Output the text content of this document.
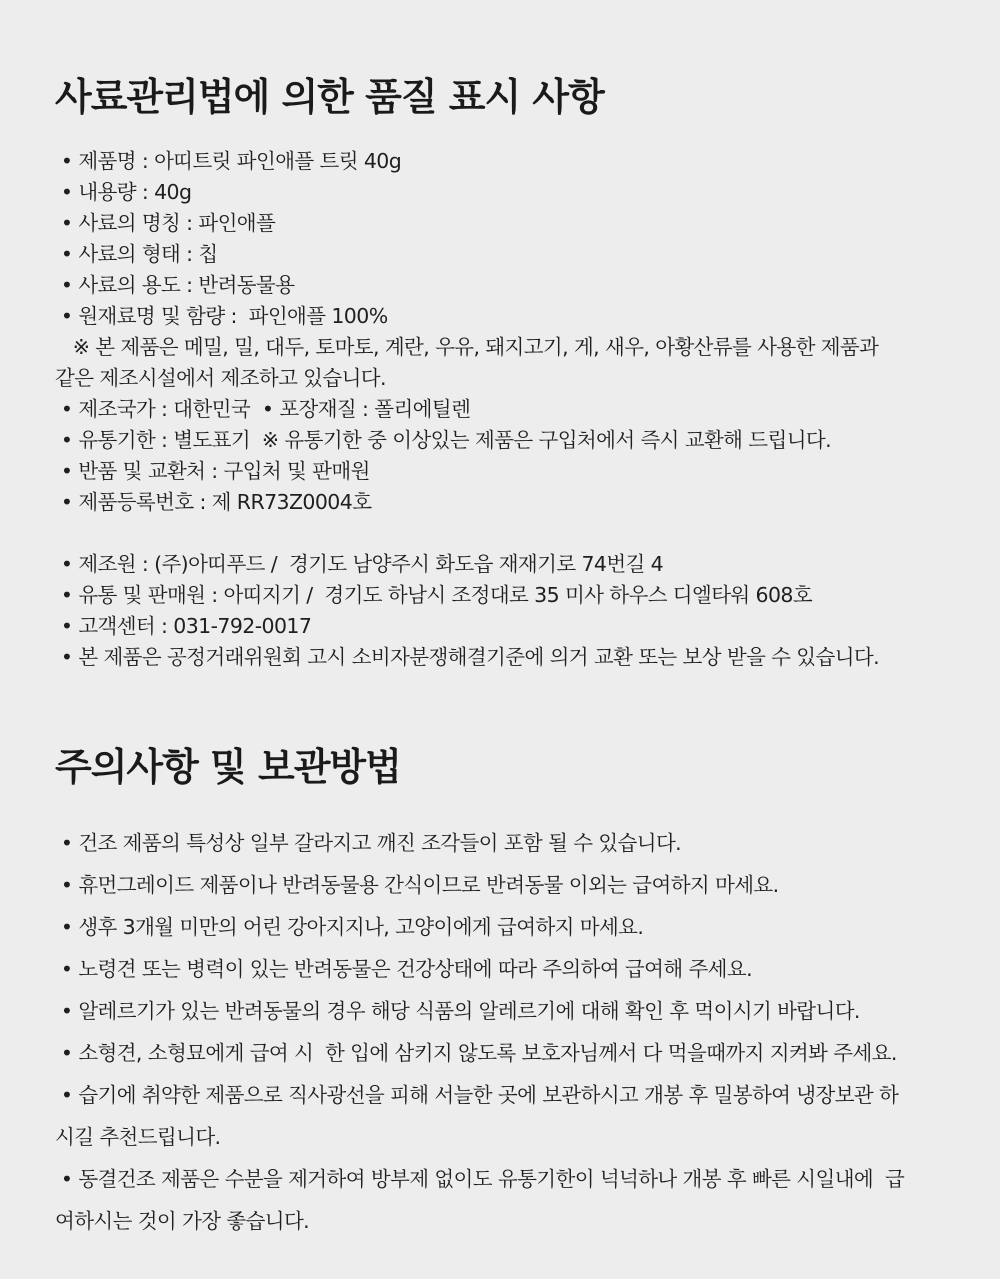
사료관리법에 의한 품질 표시 사항
• 제품명 : 아띠트릿 파인애플 트릿 40g
• 내용량 : 40g
• 사료의 명칭 : 파인애플
• 사료의 형태 : 칩
• 사료의 용도 : 반려동물용
• 원재료명 및 함량 :  파인애플 100%
※ 본 제품은 메밀, 밀, 대두, 토마토, 계란, 우유, 돼지고기, 게, 새우, 아황산류를 사용한 제품과
같은 제조시설에서 제조하고 있습니다.
• 제조국가 : 대한민국  • 포장재질 : 폴리에틸렌
• 유통기한 : 별도표기  ※ 유통기한 중 이상있는 제품은 구입처에서 즉시 교환해 드립니다.
• 반품 및 교환처 : 구입처 및 판매원
• 제품등록번호 : 제 RR73Z0004호
• 제조원 : (주)아띠푸드 /  경기도 남양주시 화도읍 재재기로 74번길 4
• 유통 및 판매원 : 아띠지기 /  경기도 하남시 조정대로 35 미사 하우스 디엘타워 608호
• 고객센터 : 031-792-0017
• 본 제품은 공정거래위원회 고시 소비자분쟁해결기준에 의거 교환 또는 보상 받을 수 있습니다.
주의사항 및 보관방법
• 건조 제품의 특성상 일부 갈라지고 깨진 조각들이 포함 될 수 있습니다.
• 휴먼그레이드 제품이나 반려동물용 간식이므로 반려동물 이외는 급여하지 마세요.
• 생후 3개월 미만의 어린 강아지지나, 고양이에게 급여하지 마세요.
• 노령견 또는 병력이 있는 반려동물은 건강상태에 따라 주의하여 급여해 주세요.
• 알레르기가 있는 반려동물의 경우 해당 식품의 알레르기에 대해 확인 후 먹이시기 바랍니다.
• 소형견, 소형묘에게 급여 시  한 입에 삼키지 않도록 보호자님께서 다 먹을때까지 지켜봐 주세요.
• 습기에 취약한 제품으로 직사광선을 피해 서늘한 곳에 보관하시고 개봉 후 밀봉하여 냉장보관 하
시길 추천드립니다.
• 동결건조 제품은 수분을 제거하여 방부제 없이도 유통기한이 넉넉하나 개봉 후 빠른 시일내에  급
여하시는 것이 가장 좋습니다.
